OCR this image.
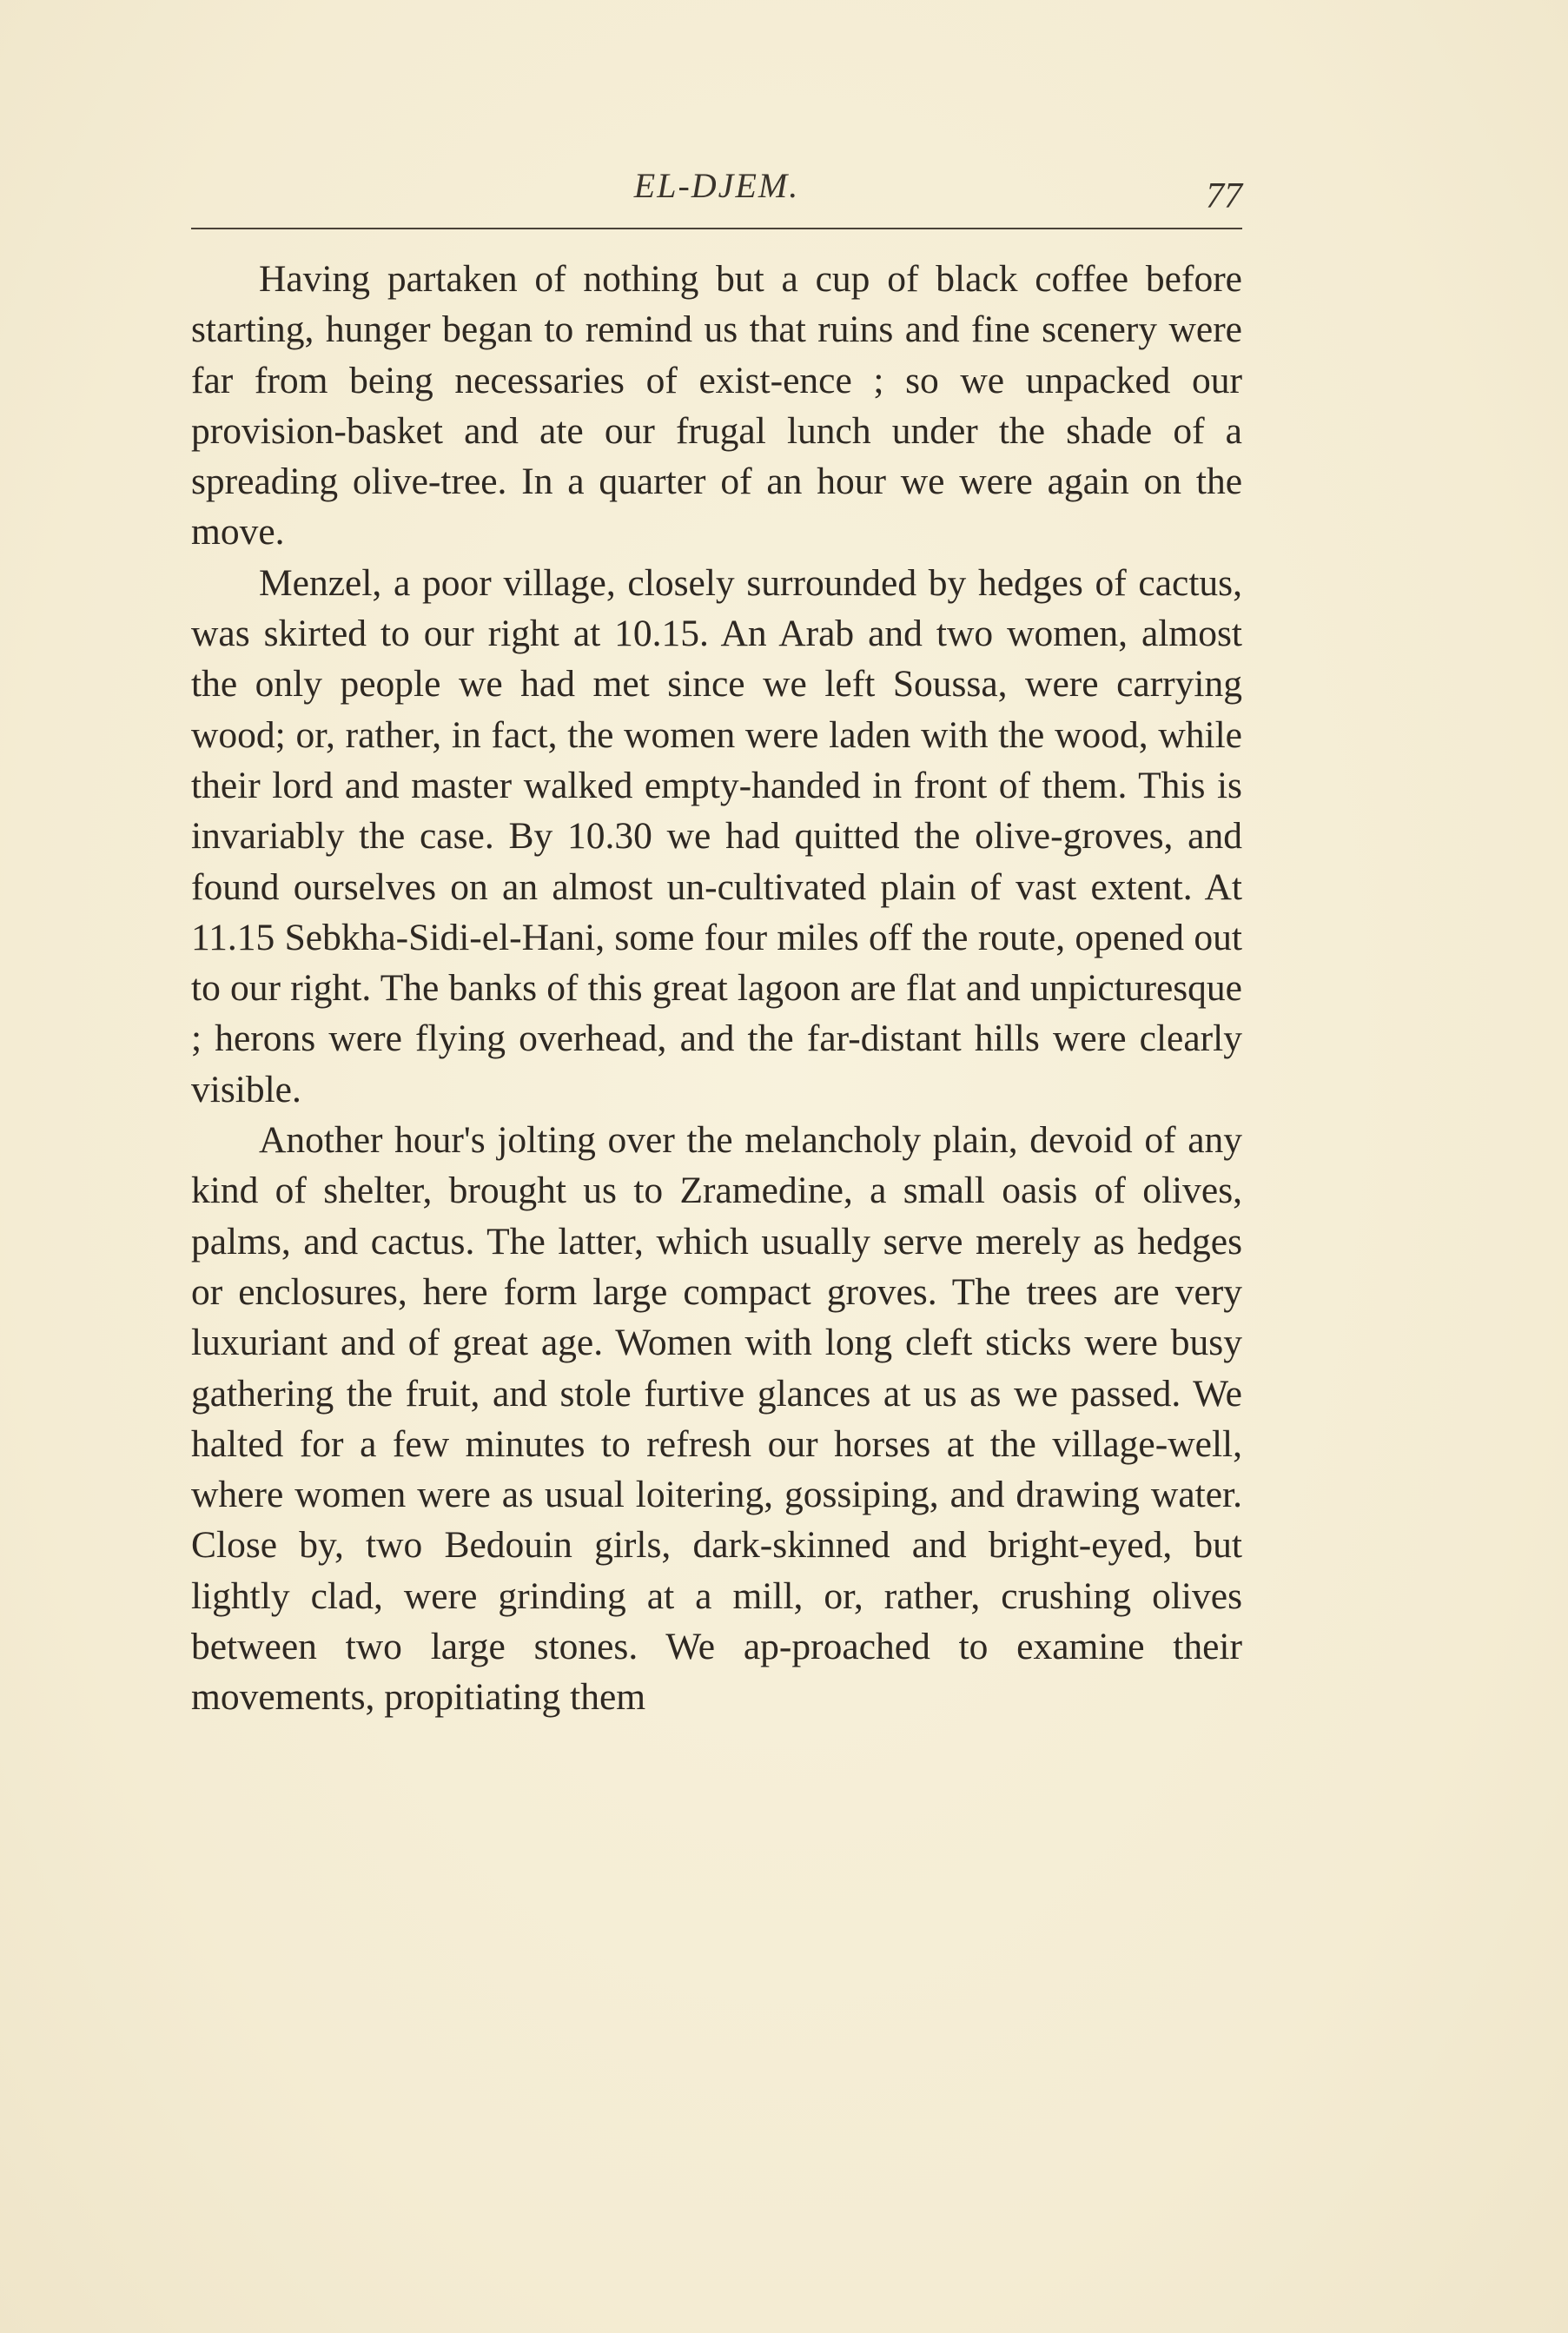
EL-DJEM.	77

Having partaken of nothing but a cup of black coffee before starting, hunger began to remind us that ruins and fine scenery were far from being necessaries of exist-ence ; so we unpacked our provision-basket and ate our frugal lunch under the shade of a spreading olive-tree. In a quarter of an hour we were again on the move.

Menzel, a poor village, closely surrounded by hedges of cactus, was skirted to our right at 10.15. An Arab and two women, almost the only people we had met since we left Soussa, were carrying wood; or, rather, in fact, the women were laden with the wood, while their lord and master walked empty-handed in front of them. This is invariably the case. By 10.30 we had quitted the olive-groves, and found ourselves on an almost un-cultivated plain of vast extent. At 11.15 Sebkha-Sidi-el-Hani, some four miles off the route, opened out to our right. The banks of this great lagoon are flat and unpicturesque ; herons were flying overhead, and the far-distant hills were clearly visible.

Another hour's jolting over the melancholy plain, devoid of any kind of shelter, brought us to Zramedine, a small oasis of olives, palms, and cactus. The latter, which usually serve merely as hedges or enclosures, here form large compact groves. The trees are very luxuriant and of great age. Women with long cleft sticks were busy gathering the fruit, and stole furtive glances at us as we passed. We halted for a few minutes to refresh our horses at the village-well, where women were as usual loitering, gossiping, and drawing water. Close by, two Bedouin girls, dark-skinned and bright-eyed, but lightly clad, were grinding at a mill, or, rather, crushing olives between two large stones. We ap-proached to examine their movements, propitiating them
